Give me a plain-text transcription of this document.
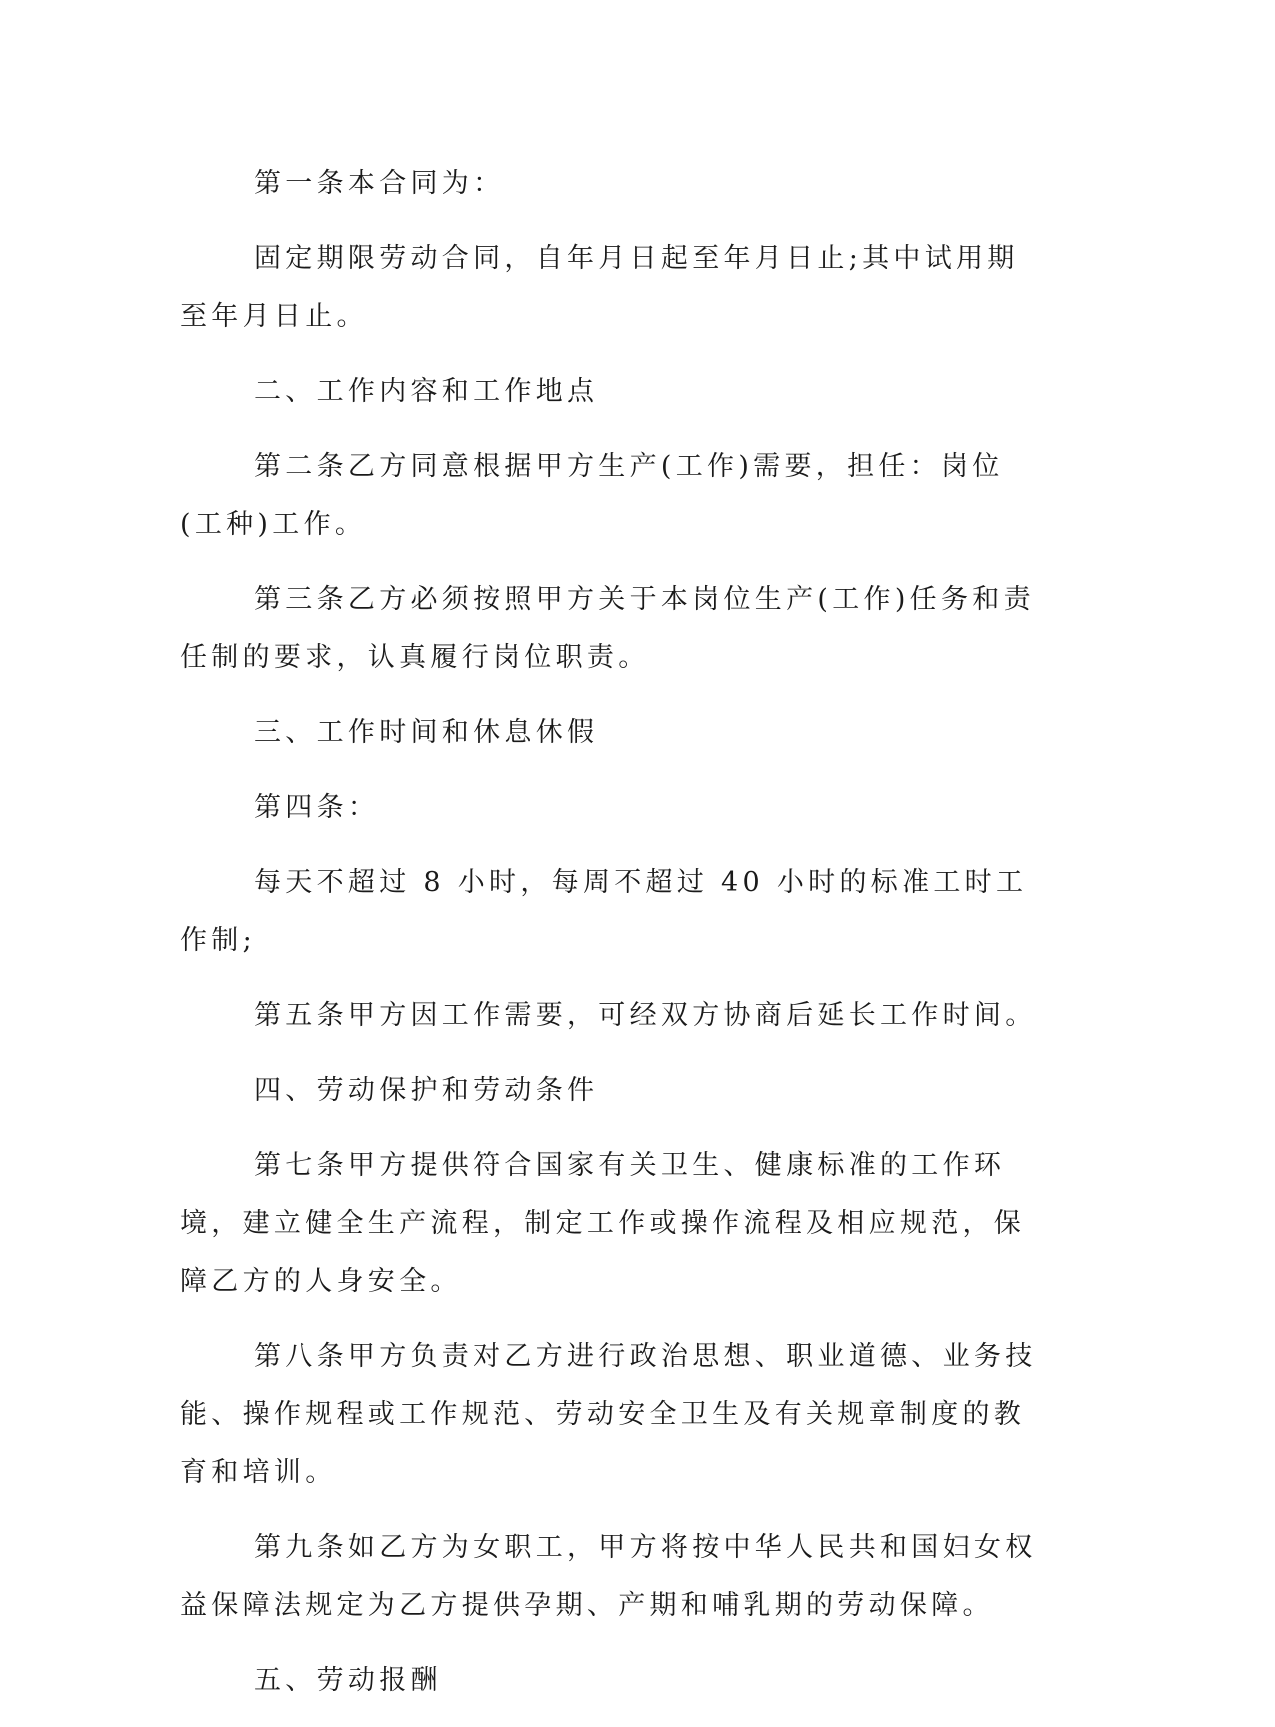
第一条本合同为：

固定期限劳动合同，自年月日起至年月日止;其中试用期至年月日止。

二、工作内容和工作地点

第二条乙方同意根据甲方生产(工作)需要，担任：岗位(工种)工作。

第三条乙方必须按照甲方关于本岗位生产(工作)任务和责任制的要求，认真履行岗位职责。

三、工作时间和休息休假

第四条：

每天不超过 8 小时，每周不超过 40 小时的标准工时工作制;

第五条甲方因工作需要，可经双方协商后延长工作时间。

四、劳动保护和劳动条件

第七条甲方提供符合国家有关卫生、健康标准的工作环境，建立健全生产流程，制定工作或操作流程及相应规范，保障乙方的人身安全。

第八条甲方负责对乙方进行政治思想、职业道德、业务技能、操作规程或工作规范、劳动安全卫生及有关规章制度的教育和培训。

第九条如乙方为女职工，甲方将按中华人民共和国妇女权益保障法规定为乙方提供孕期、产期和哺乳期的劳动保障。

五、劳动报酬
